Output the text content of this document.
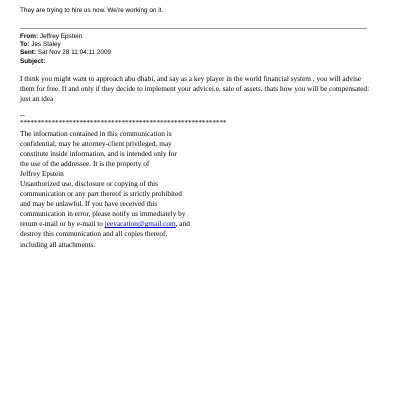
They are trying to hire us now. We're working on it.
From: Jeffrey Epstein
To: Jes Staley
Sent: Sat Nov 28 11:04:11 2009
Subject:
I think you might want to approach abu dhabi, and say as a key player in the world financial system , you will advise them for free. If and only if they decide to implement your advicei.e. sale of assets. thats how you will be compensated: just an idea
--
***********************************************************
The information contained in this communication is
confidential, may be attorney-client privileged, may
constitute inside information, and is intended only for
the use of the addressee. It is the property of
Jeffrey Epstein
Unauthorized use, disclosure or copying of this
communication or any part thereof is strictly prohibited
and may be unlawful. If you have received this
communication in error, please notify us immediately by
return e-mail or by e-mail to jeevacation@gmail.com, and
destroy this communication and all copies thereof,
including all attachments.
